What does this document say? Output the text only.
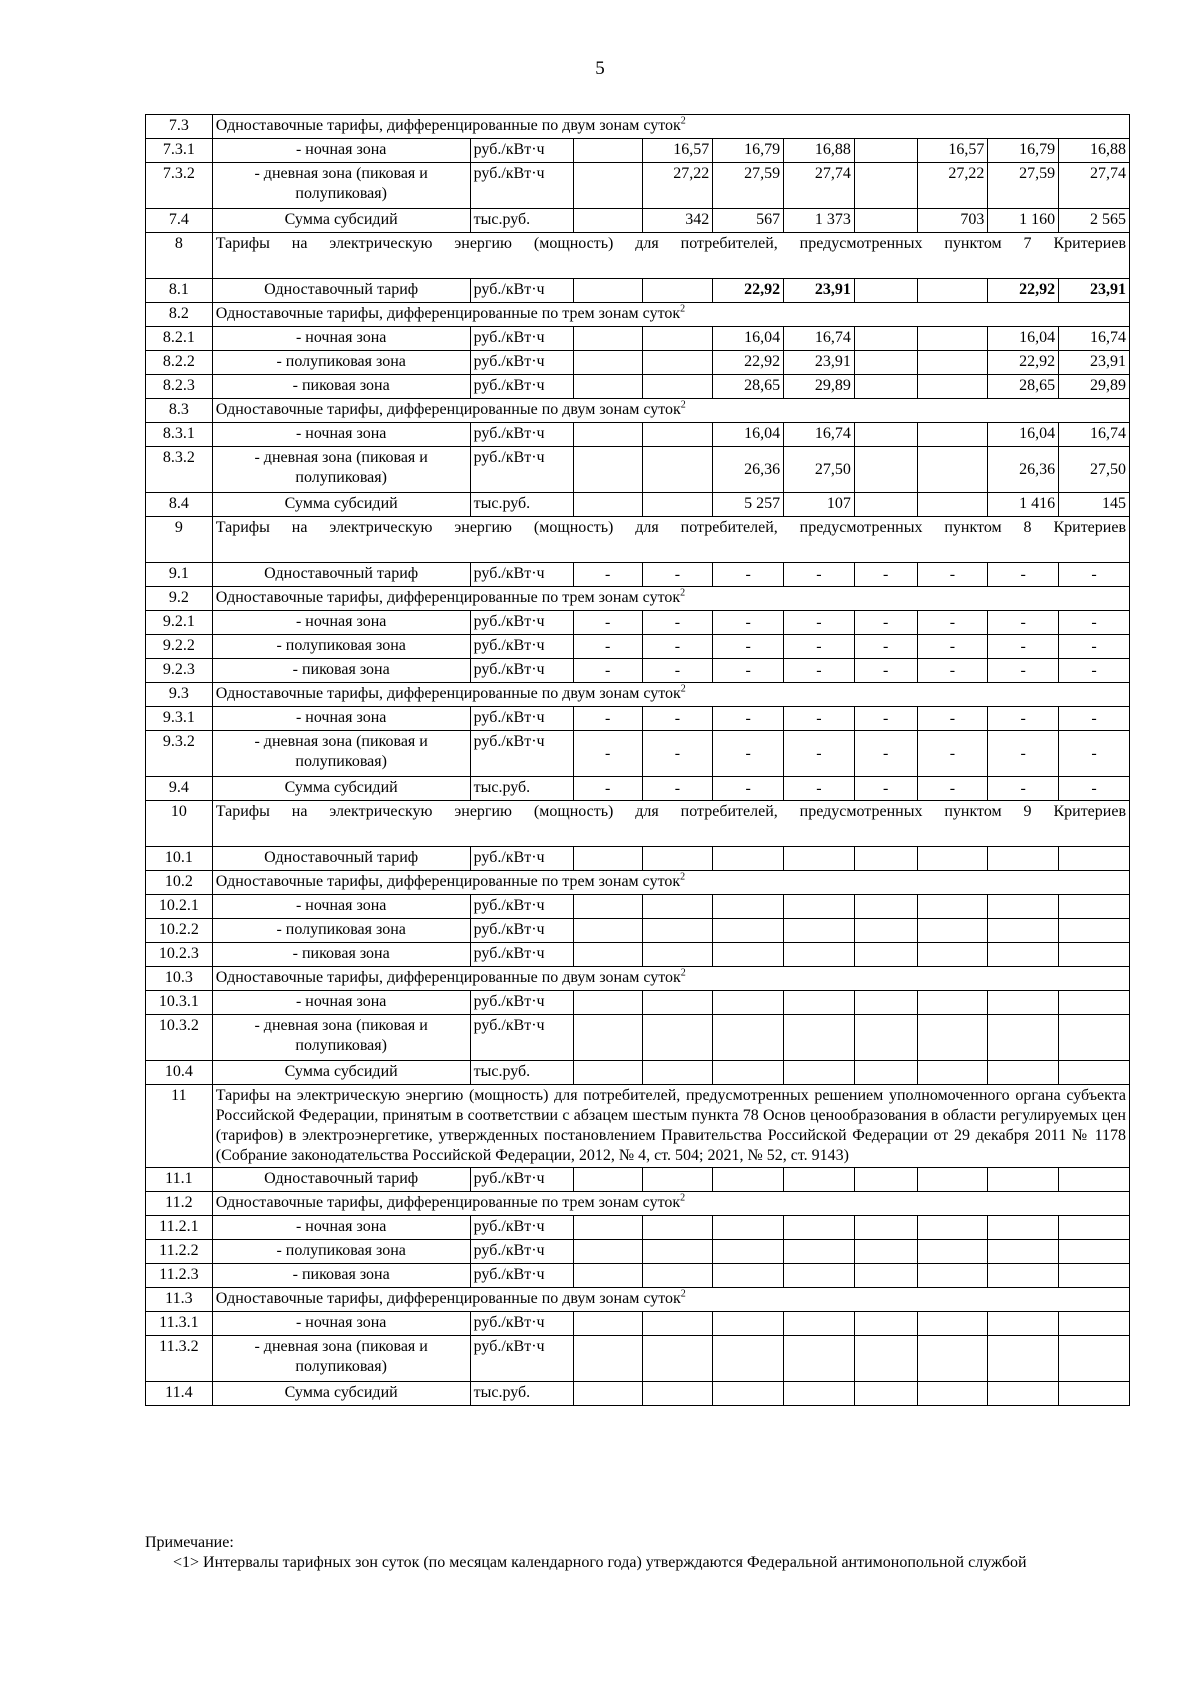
5
7.3	Одноставочные тарифы, дифференцированные по двум зонам суток$^2$
7.3.1	- ночная зона	руб./кВт·ч		16,57	16,79	16,88		16,57	16,79	16,88
7.3.2	- дневная зона (пиковая и полупиковая)	руб./кВт·ч		27,22	27,59	27,74		27,22	27,59	27,74
7.4	Сумма субсидий	тыс.руб.		342	567	1 373		703	1 160	2 565
8	Тарифы на электрическую энергию (мощность) для потребителей, предусмотренных пунктом 7 Критериев									
8.1	Одноставочный тариф	руб./кВт·ч			22,92	23,91			22,92	23,91
8.2	Одноставочные тарифы, дифференцированные по трем зонам суток$^2$
8.2.1	- ночная зона	руб./кВт·ч			16,04	16,74			16,04	16,74
8.2.2	- полупиковая зона	руб./кВт·ч			22,92	23,91			22,92	23,91
8.2.3	- пиковая зона	руб./кВт·ч			28,65	29,89			28,65	29,89
8.3	Одноставочные тарифы, дифференцированные по двум зонам суток$^2$
8.3.1	- ночная зона	руб./кВт·ч			16,04	16,74			16,04	16,74
8.3.2	- дневная зона (пиковая и полупиковая)	руб./кВт·ч			26,36	27,50			26,36	27,50
8.4	Сумма субсидий	тыс.руб.			5 257	107			1 416	145
9	Тарифы на электрическую энергию (мощность) для потребителей, предусмотренных пунктом 8 Критериев									
9.1	Одноставочный тариф	руб./кВт·ч	-	-	-	-	-	-	-	-
9.2	Одноставочные тарифы, дифференцированные по трем зонам суток$^2$
9.2.1	- ночная зона	руб./кВт·ч	-	-	-	-	-	-	-	-
9.2.2	- полупиковая зона	руб./кВт·ч	-	-	-	-	-	-	-	-
9.2.3	- пиковая зона	руб./кВт·ч	-	-	-	-	-	-	-	-
9.3	Одноставочные тарифы, дифференцированные по двум зонам суток$^2$
9.3.1	- ночная зона	руб./кВт·ч	-	-	-	-	-	-	-	-
9.3.2	- дневная зона (пиковая и полупиковая)	руб./кВт·ч	-	-	-	-	-	-	-	-
9.4	Сумма субсидий	тыс.руб.	-	-	-	-	-	-	-	-
10	Тарифы на электрическую энергию (мощность) для потребителей, предусмотренных пунктом 9 Критериев									
10.1	Одноставочный тариф	руб./кВт·ч								
10.2	Одноставочные тарифы, дифференцированные по трем зонам суток$^2$
10.2.1	- ночная зона	руб./кВт·ч								
10.2.2	- полупиковая зона	руб./кВт·ч								
10.2.3	- пиковая зона	руб./кВт·ч								
10.3	Одноставочные тарифы, дифференцированные по двум зонам суток$^2$
10.3.1	- ночная зона	руб./кВт·ч								
10.3.2	- дневная зона (пиковая и полупиковая)	руб./кВт·ч								
10.4	Сумма субсидий	тыс.руб.								
11	Тарифы на электрическую энергию (мощность) для потребителей, предусмотренных решением уполномоченного органа субъекта Российской Федерации, принятым в соответствии с абзацем шестым пункта 78 Основ ценообразования в области регулируемых цен (тарифов) в электроэнергетике, утвержденных постановлением Правительства Российской Федерации от 29 декабря 2011 № 1178 (Собрание законодательства Российской Федерации, 2012, № 4, ст. 504; 2021, № 52, ст. 9143)									
11.1	Одноставочный тариф	руб./кВт·ч								
11.2	Одноставочные тарифы, дифференцированные по трем зонам суток$^2$
11.2.1	- ночная зона	руб./кВт·ч								
11.2.2	- полупиковая зона	руб./кВт·ч								
11.2.3	- пиковая зона	руб./кВт·ч								
11.3	Одноставочные тарифы, дифференцированные по двум зонам суток$^2$
11.3.1	- ночная зона	руб./кВт·ч								
11.3.2	- дневная зона (пиковая и полупиковая)	руб./кВт·ч								
11.4	Сумма субсидий	тыс.руб.								
Примечание:
<1> Интервалы тарифных зон суток (по месяцам календарного года) утверждаются Федеральной антимонопольной службой
